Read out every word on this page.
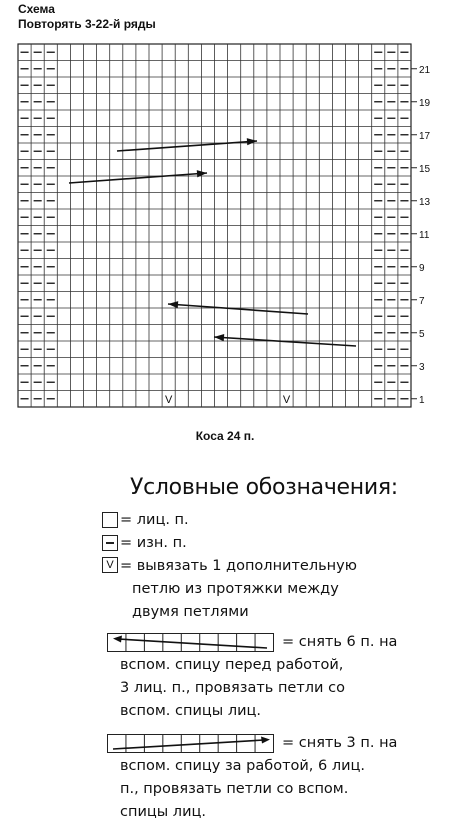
21
19
17
15
13
11
9
7
5
3
1
V	V
Схема
Повторять 3-22-й ряды
Коса 24 п.
Условные обозначения:
= лиц. п.
= изн. п.
V = вывязать 1 дополнительную
петлю из протяжки между
двумя петлями
= снять 6 п. на
вспом. спицу перед работой,
3 лиц. п., провязать петли со
вспом. спицы лиц.
= снять 3 п. на
вспом. спицу за работой, 6 лиц.
п., провязать петли со вспом.
спицы лиц.
